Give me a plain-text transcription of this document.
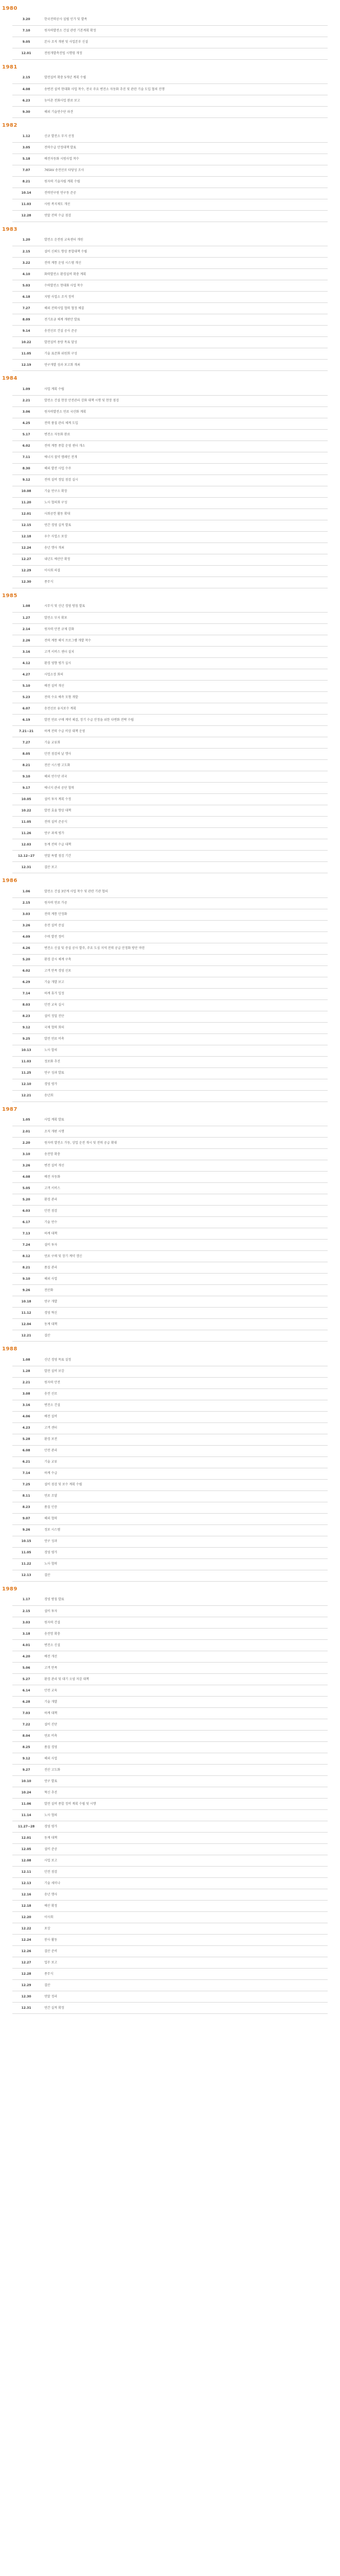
1980
3.20	한국전력공사 설립 인가 및 발족
7.10	원자력발전소 건설 관련 기본계획 확정
9.05	본사 조직 개편 및 사업본부 신설
12.01	전원개발촉진법 시행령 개정
1981
2.15	발전설비 확충 5개년 계획 수립
4.08	송변전 설비 현대화 사업 착수, 전국 주요 변전소 자동화 추진 및 관련 기술 도입 협의 진행
6.23	농어촌 전화사업 완료 보고
9.30	해외 기술연수단 파견
1982
1.12	신규 발전소 부지 선정
3.05	전력수급 안정대책 발표
5.18	배전자동화 시범사업 착수
7.07	765kV 송전선로 타당성 조사
8.21	원자력 기술자립 계획 수립
10.14	전력연구원 연구동 준공
11.03	사원 복지제도 개선
12.28	연말 전력 수급 점검
1983
1.20	발전소 운전원 교육센터 개원
2.15	설비 신뢰도 향상 종합대책 수립
3.22	전력 계통 운영 시스템 개선
4.10	화력발전소 환경설비 확충 계획
5.03	수력발전소 현대화 사업 착수
6.18	지방 사업소 조직 정비
7.27	해외 전력사업 협력 협정 체결
8.09	전기요금 체계 개편안 발표
9.14	송전선로 건설 공사 준공
10.22	발전설비 용량 목표 달성
11.05	기술 표준화 위원회 구성
12.19	연구개발 성과 보고회 개최
1984
1.09	사업 계획 수립
2.21	발전소 건설 현장 안전관리 강화 대책 시행 및 현장 점검
3.06	원자력발전소 연료 국산화 계획
4.25	전력 품질 관리 체계 도입
5.17	변전소 자동화 완료
6.02	전력 계통 종합 운영 센터 개소
7.11	에너지 절약 캠페인 전개
8.30	해외 발전 사업 수주
9.12	전력 설비 정밀 점검 실시
10.08	기술 연구소 확장
11.20	노사 협의회 구성
12.01	사회공헌 활동 확대
12.15	연간 경영 실적 발표
12.18	우수 사업소 포상
12.24	송년 행사 개최
12.27	내년도 예산안 확정
12.29	이사회 의결
12.30	종무식
1985
1.08	시무식 및 신년 경영 방침 발표
1.27	발전소 부지 확보
2.14	원자력 안전 규제 강화
2.26	전력 계통 해석 프로그램 개발 착수
3.16	고객 서비스 센터 설치
4.12	환경 영향 평가 실시
4.27	사업소장 회의
5.10	배전 설비 개선
5.23	전력 수요 예측 모형 개발
6.07	송전선로 유지보수 계획
6.19	발전 연료 구매 계약 체결, 장기 수급 안정을 위한 다변화 전략 수립
7.21~21	하계 전력 수급 비상 대책 운영
7.27	기술 교류회
8.05	안전 점검의 날 행사
8.21	전산 시스템 고도화
9.10	해외 연수단 귀국
9.17	에너지 관리 공단 협력
10.05	설비 투자 계획 수정
10.22	발전 효율 향상 대책
11.05	전력 설비 준공식
11.26	연구 과제 평가
12.03	동계 전력 수급 대책
12.12~27	연말 특별 점검 기간
12.31	결산 보고
1986
1.06	발전소 건설 3단계 사업 착수 및 관련 기관 협의
2.15	원자력 연료 가공
3.03	전력 계통 안정화
3.26	송전 설비 증설
4.09	수력 발전 정비
4.26	변전소 신설 및 증설 공사 발주, 주요 도심 지역 전력 공급 안정화 방안 마련
5.20	환경 감시 체계 구축
6.02	고객 만족 경영 선포
6.29	기술 개발 보고
7.14	하계 휴가 일정
8.03	안전 교육 실시
8.23	설비 정밀 진단
9.12	국제 협력 회의
9.25	발전 연료 비축
10.13	노사 합의
11.03	정보화 추진
11.25	연구 성과 발표
12.10	경영 평가
12.21	송년회
1987
1.05	사업 계획 발표
2.01	조직 개편 시행
2.20	원자력 발전소 가동, 상업 운전 개시 및 전력 공급 확대
3.10	송전망 확충
3.26	변전 설비 개선
4.08	배전 자동화
5.05	고객 서비스
5.20	환경 관리
6.03	안전 점검
6.17	기술 연수
7.13	하계 대책
7.24	설비 투자
8.12	연료 구매 및 장기 계약 갱신
8.21	품질 관리
9.10	해외 사업
9.26	전산화
10.18	연구 개발
11.12	경영 혁신
12.04	동계 대책
12.21	결산
1988
1.08	신년 경영 목표 설정
1.28	발전 설비 보강
2.21	원자력 안전
3.08	송전 선로
3.16	변전소 건설
4.06	배전 설비
4.23	고객 센터
5.28	환경 보전
6.08	안전 관리
6.21	기술 교류
7.14	하계 수급
7.25	설비 점검 및 보수 계획 수립
8.11	연료 조달
8.23	품질 인증
9.07	해외 협력
9.26	정보 시스템
10.15	연구 성과
11.05	경영 평가
11.22	노사 협력
12.13	결산
1989
1.17	경영 방침 발표
2.15	설비 투자
3.03	원자력 건설
3.18	송전망 확충
4.01	변전소 신설
4.20	배전 개선
5.06	고객 만족
5.27	환경 관리 및 대기 오염 저감 대책
6.14	안전 교육
6.28	기술 개발
7.03	하계 대책
7.22	설비 진단
8.04	연료 비축
8.25	품질 경영
9.12	해외 사업
9.27	전산 고도화
10.10	연구 발표
10.24	혁신 추진
11.06	발전 설비 종합 정비 계획 수립 및 시행
11.14	노사 협의
11.27~28	경영 평가
12.01	동계 대책
12.05	설비 준공
12.08	사업 보고
12.11	안전 점검
12.13	기술 세미나
12.16	송년 행사
12.18	예산 확정
12.20	이사회
12.22	포상
12.24	봉사 활동
12.26	결산 준비
12.27	업무 보고
12.28	종무식
12.29	결산
12.30	연말 정리
12.31	연간 실적 확정
